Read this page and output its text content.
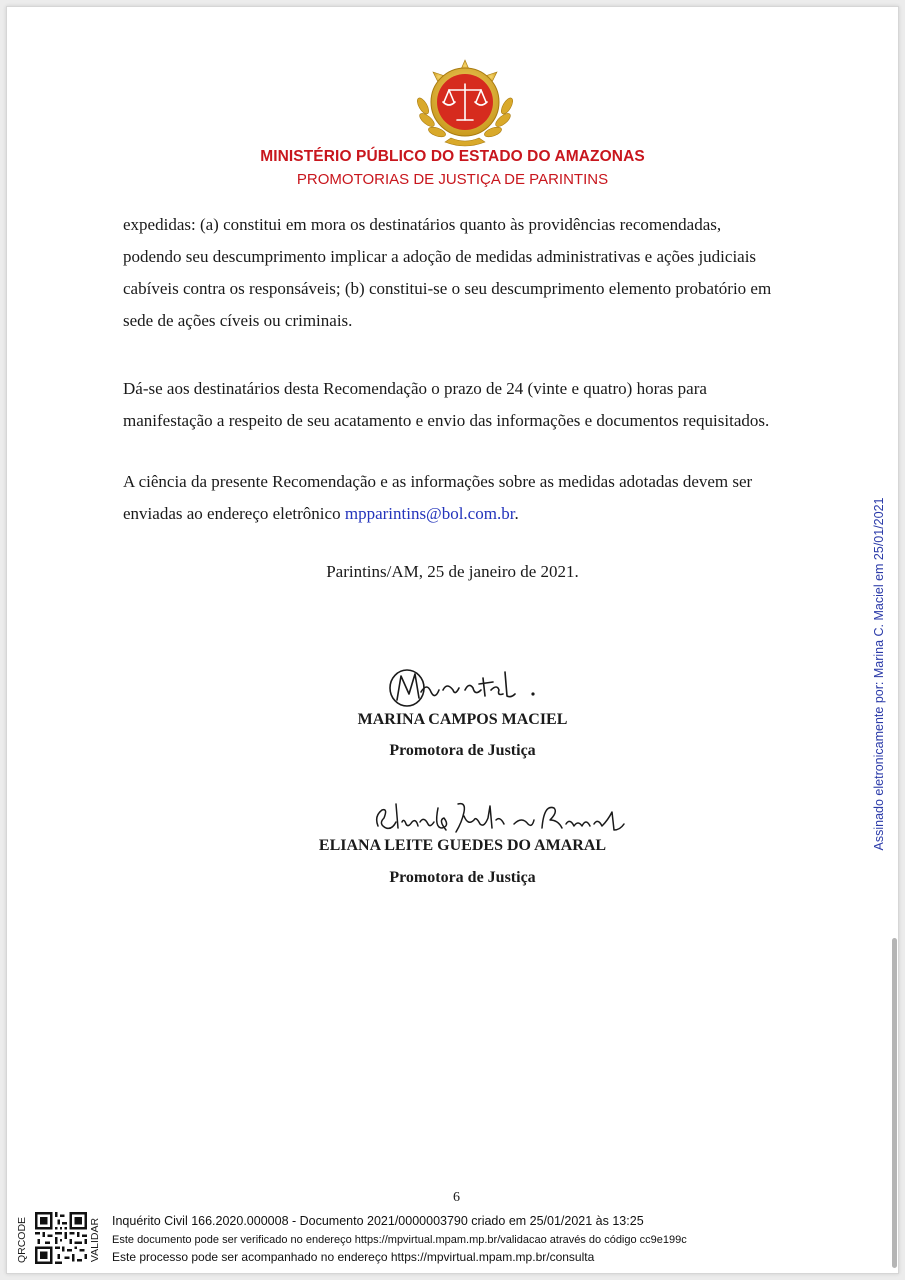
MINISTÉRIO PÚBLICO DO ESTADO DO AMAZONAS
PROMOTORIAS DE JUSTIÇA DE PARINTINS
expedidas: (a) constitui em mora os destinatários quanto às providências recomendadas,
podendo seu descumprimento implicar a adoção de medidas administrativas e ações judiciais
cabíveis contra os responsáveis; (b) constitui-se o seu descumprimento elemento probatório em
sede de ações cíveis ou criminais.
Dá-se aos destinatários desta Recomendação o prazo de 24 (vinte e quatro) horas para
manifestação a respeito de seu acatamento e envio das informações e documentos requisitados.
A ciência da presente Recomendação e as informações sobre as medidas adotadas devem ser
enviadas ao endereço eletrônico mpparintins@bol.com.br.
Parintins/AM, 25 de janeiro de 2021.
MARINA CAMPOS MACIEL
Promotora de Justiça
ELIANA LEITE GUEDES DO AMARAL
Promotora de Justiça
Assinado eletronicamente por: Marina C. Maciel em 25/01/2021
6
QRCODE	VALIDAR Inquérito Civil 166.2020.000008 - Documento 2021/0000003790 criado em 25/01/2021 às 13:25
Este documento pode ser verificado no endereço https://mpvirtual.mpam.mp.br/validacao através do código cc9e199c
Este processo pode ser acompanhado no endereço https://mpvirtual.mpam.mp.br/consulta
